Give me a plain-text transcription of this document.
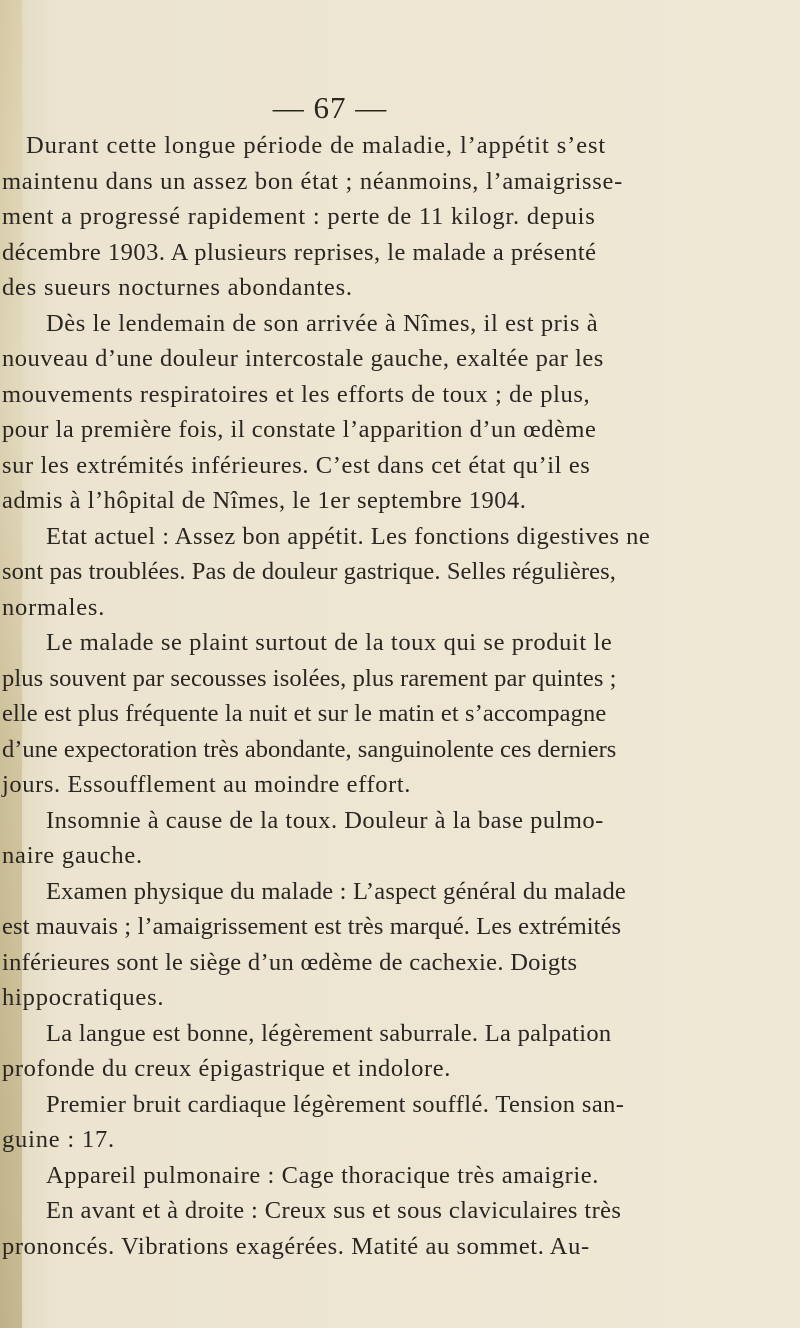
— 67 —
Durant cette longue période de maladie, l’appétit s’est
maintenu dans un assez bon état ; néanmoins, l’amaigrisse-
ment a progressé rapidement : perte de 11 kilogr. depuis
décembre 1903. A plusieurs reprises, le malade a présenté
des sueurs nocturnes abondantes.
Dès le lendemain de son arrivée à Nîmes, il est pris à
nouveau d’une douleur intercostale gauche, exaltée par les
mouvements respiratoires et les efforts de toux ; de plus,
pour la première fois, il constate l’apparition d’un œdème
sur les extrémités inférieures. C’est dans cet état qu’il es
admis à l’hôpital de Nîmes, le 1er septembre 1904.
Etat actuel : Assez bon appétit. Les fonctions digestives ne
sont pas troublées. Pas de douleur gastrique. Selles régulières,
normales.
Le malade se plaint surtout de la toux qui se produit le
plus souvent par secousses isolées, plus rarement par quintes ;
elle est plus fréquente la nuit et sur le matin et s’accompagne
d’une expectoration très abondante, sanguinolente ces derniers
jours. Essoufflement au moindre effort.
Insomnie à cause de la toux. Douleur à la base pulmo-
naire gauche.
Examen physique du malade : L’aspect général du malade
est mauvais ; l’amaigrissement est très marqué. Les extrémités
inférieures sont le siège d’un œdème de cachexie. Doigts
hippocratiques.
La langue est bonne, légèrement saburrale. La palpation
profonde du creux épigastrique et indolore.
Premier bruit cardiaque légèrement soufflé. Tension san-
guine : 17.
Appareil pulmonaire : Cage thoracique très amaigrie.
En avant et à droite : Creux sus et sous claviculaires très
prononcés. Vibrations exagérées. Matité au sommet. Au-
